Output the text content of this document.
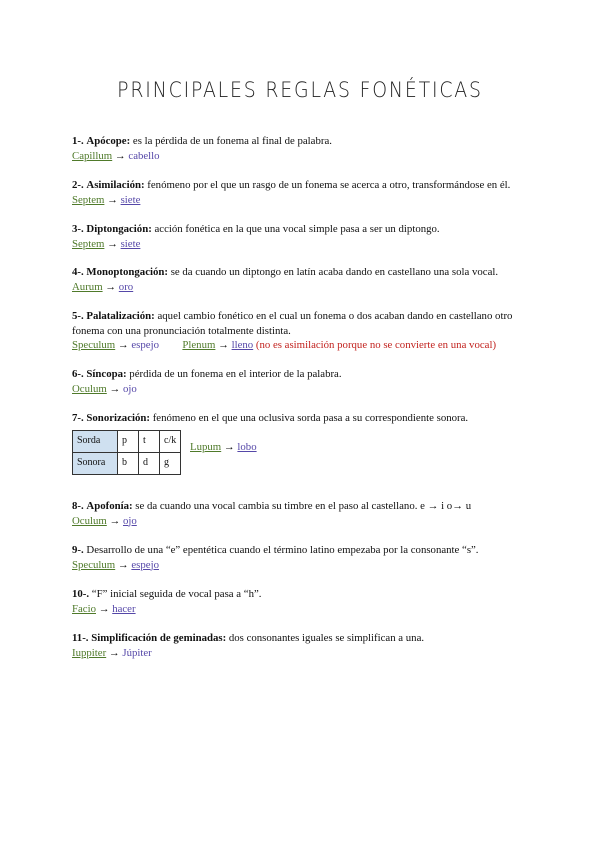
PRINCIPALES REGLAS FONÉTICAS

1-. Apócope: es la pérdida de un fonema al final de palabra.

Capillum → cabello

2-. Asimilación: fenómeno por el que un rasgo de un fonema se acerca a otro, transformándose en él.

Septem → siete

3-. Diptongación: acción fonética en la que una vocal simple pasa a ser un diptongo.

Septem → siete

4-. Monoptongación: se da cuando un diptongo en latín acaba dando en castellano una sola vocal.

Aurum → oro

5-. Palatalización: aquel cambio fonético en el cual un fonema o dos acaban dando en castellano otro fonema con una pronunciación totalmente distinta.

Speculum → espejo Plenum → lleno (no es asimilación porque no se convierte en una vocal)

6-. Síncopa: pérdida de un fonema en el interior de la palabra.

Oculum → ojo

7-. Sonorización: fenómeno en el que una oclusiva sorda pasa a su correspondiente sonora.

Sorda	p	t	c/k
Sonora	b	d	g
Lupum → lobo

8-. Apofonía: se da cuando una vocal cambia su timbre en el paso al castellano. e → i o→ u

Oculum → ojo

9-. Desarrollo de una “e” epentética cuando el término latino empezaba por la consonante “s”.

Speculum → espejo

10-. “F” inicial seguida de vocal pasa a “h”.

Facio → hacer

11-. Simplificación de geminadas: dos consonantes iguales se simplifican a una.

Iuppiter → Júpiter
